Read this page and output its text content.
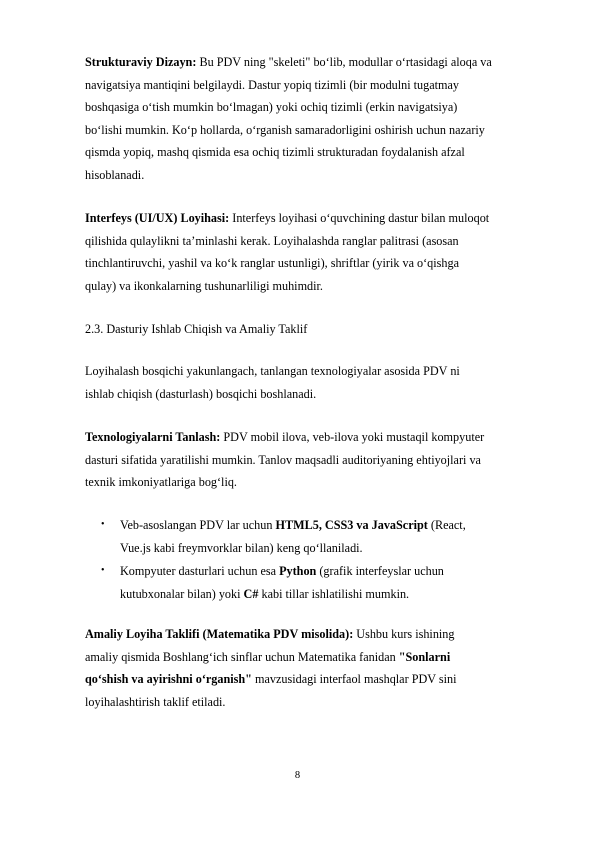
Strukturaviy Dizayn: Bu PDV ning "skeleti" bo‘lib, modullar o‘rtasidagi aloqa va
navigatsiya mantiqini belgilaydi. Dastur yopiq tizimli (bir modulni tugatmay
boshqasiga o‘tish mumkin bo‘lmagan) yoki ochiq tizimli (erkin navigatsiya)
bo‘lishi mumkin. Ko‘p hollarda, o‘rganish samaradorligini oshirish uchun nazariy
qismda yopiq, mashq qismida esa ochiq tizimli strukturadan foydalanish afzal
hisoblanadi.
Interfeys (UI/UX) Loyihasi: Interfeys loyihasi o‘quvchining dastur bilan muloqot
qilishida qulaylikni ta’minlashi kerak. Loyihalashda ranglar palitrasi (asosan
tinchlantiruvchi, yashil va ko‘k ranglar ustunligi), shriftlar (yirik va o‘qishga
qulay) va ikonkalarning tushunarliligi muhimdir.
2.3. Dasturiy Ishlab Chiqish va Amaliy Taklif
Loyihalash bosqichi yakunlangach, tanlangan texnologiyalar asosida PDV ni
ishlab chiqish (dasturlash) bosqichi boshlanadi.
Texnologiyalarni Tanlash: PDV mobil ilova, veb-ilova yoki mustaqil kompyuter
dasturi sifatida yaratilishi mumkin. Tanlov maqsadli auditoriyaning ehtiyojlari va
texnik imkoniyatlariga bog‘liq.
• Veb-asoslangan PDV lar uchun HTML5, CSS3 va JavaScript (React,
Vue.js kabi freymvorklar bilan) keng qo‘llaniladi.
• Kompyuter dasturlari uchun esa Python (grafik interfeyslar uchun
kutubxonalar bilan) yoki C# kabi tillar ishlatilishi mumkin.
Amaliy Loyiha Taklifi (Matematika PDV misolida): Ushbu kurs ishining
amaliy qismida Boshlang‘ich sinflar uchun Matematika fanidan "Sonlarni
qo‘shish va ayirishni o‘rganish" mavzusidagi interfaol mashqlar PDV sini
loyihalashtirish taklif etiladi.
8
